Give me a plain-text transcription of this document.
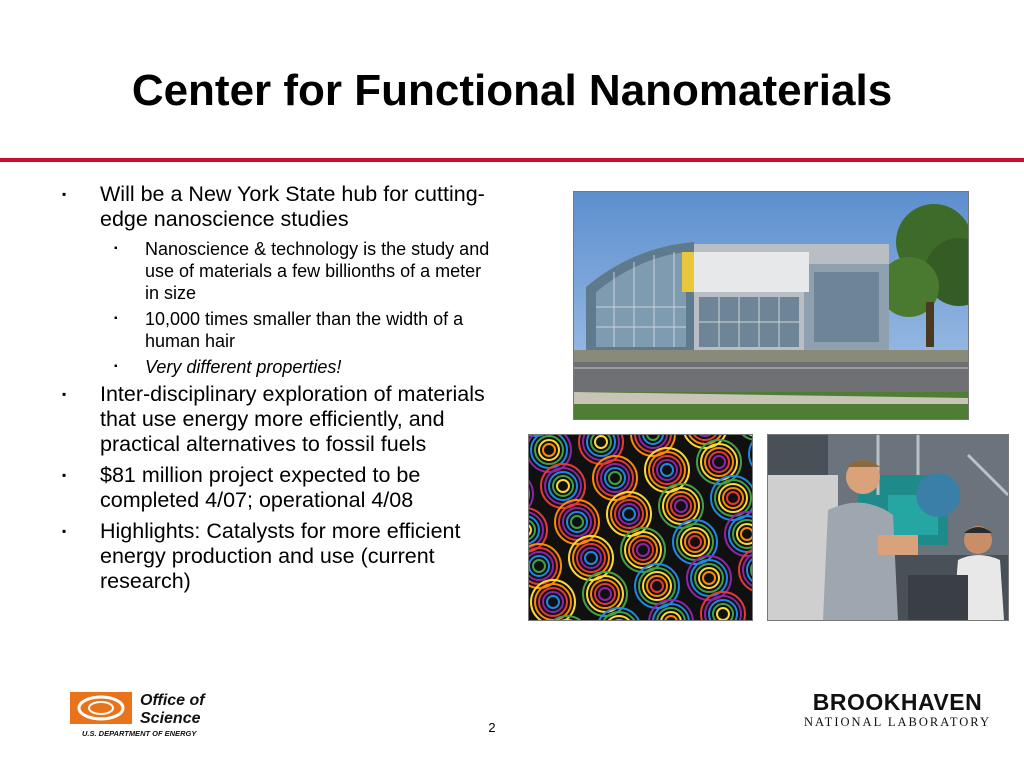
Center for Functional Nanomaterials
▪ Will be a New York State hub for cutting-edge nanoscience studies
▪ Nanoscience & technology is the study and use of materials a few billionths of a meter in size
▪ 10,000 times smaller than the width of a human hair
▪ Very different properties!
▪ Inter-disciplinary exploration of materials that use energy more efficiently, and practical alternatives to fossil fuels
▪ $81 million project expected to be completed 4/07; operational 4/08
▪ Highlights: Catalysts for more efficient energy production and use (current research)
Office of
Science
U.S. DEPARTMENT OF ENERGY	2
BROOKHAVEN
NATIONAL LABORATORY
